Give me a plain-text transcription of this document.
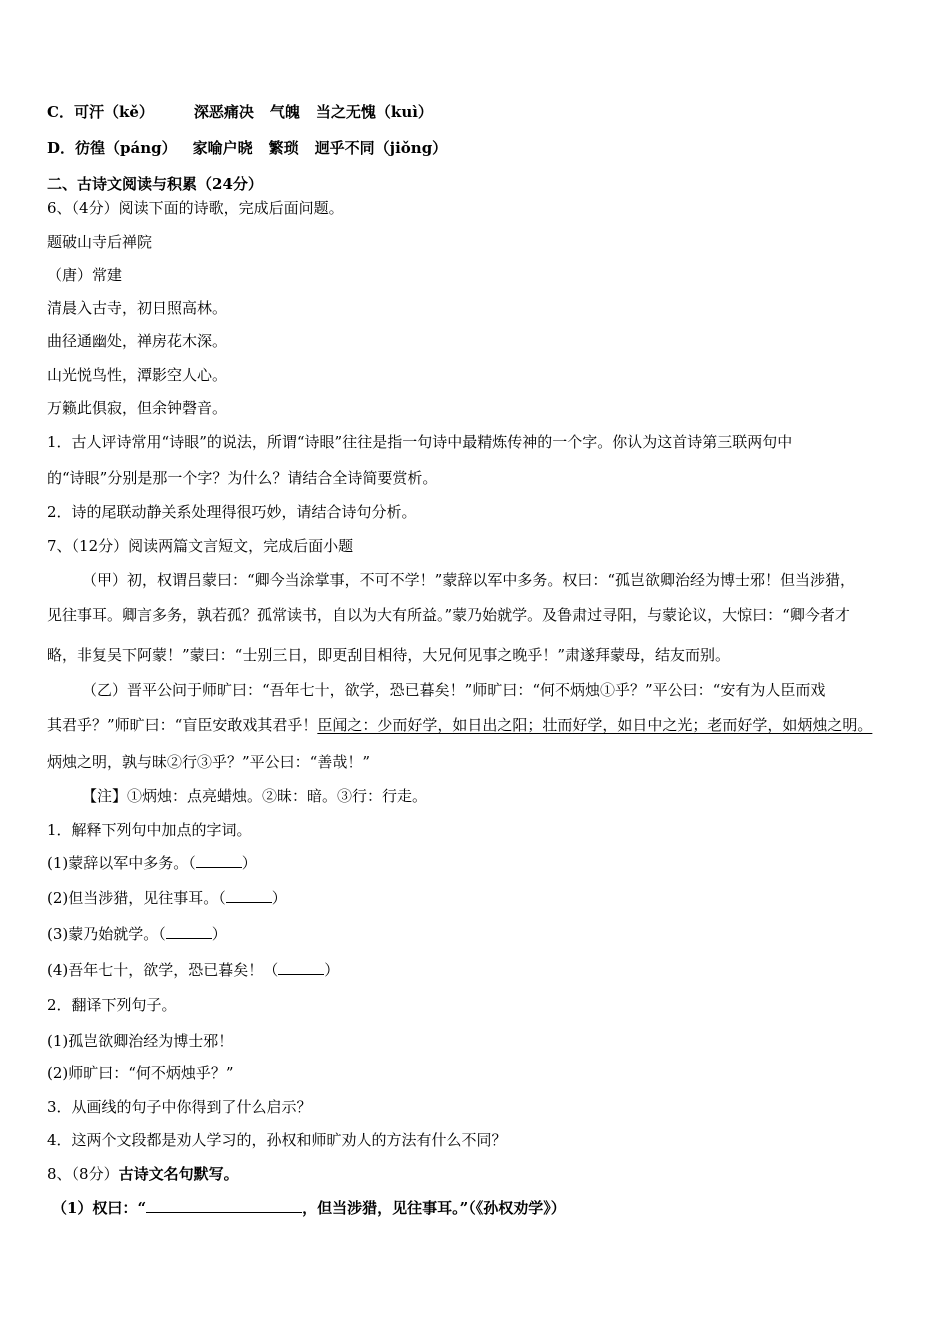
C．可汗（kě）	深恶痛决 气魄 当之无愧（kuì）
D．彷徨（páng） 家喻户晓 繁琐 迥乎不同（jiǒng）
二、古诗文阅读与积累（24分）
6、（4分）阅读下面的诗歌，完成后面问题。
题破山寺后禅院
（唐）常建
清晨入古寺，初日照高林。
曲径通幽处，禅房花木深。
山光悦鸟性，潭影空人心。
万籁此俱寂，但余钟磬音。
1．古人评诗常用“诗眼”的说法，所谓“诗眼”往往是指一句诗中最精炼传神的一个字。你认为这首诗第三联两句中
的“诗眼”分别是那一个字？为什么？请结合全诗简要赏析。
2．诗的尾联动静关系处理得很巧妙，请结合诗句分析。
7、（12分）阅读两篇文言短文，完成后面小题
（甲）初，权谓吕蒙曰：“卿今当涂掌事，不可不学！”蒙辞以军中多务。权曰：“孤岂欲卿治经为博士邪！但当涉猎，
见往事耳。卿言多务，孰若孤？孤常读书，自以为大有所益。”蒙乃始就学。及鲁肃过寻阳，与蒙论议，大惊曰：“卿今者才
略，非复吴下阿蒙！”蒙曰：“士别三日，即更刮目相待，大兄何见事之晚乎！”肃遂拜蒙母，结友而别。
（乙）晋平公问于师旷曰：“吾年七十，欲学，恐已暮矣！”师旷曰：“何不炳烛①乎？”平公曰：“安有为人臣而戏
其君乎？”师旷曰：“盲臣安敢戏其君乎！臣闻之：少而好学，如日出之阳；壮而好学，如日中之光；老而好学，如炳烛之明。
炳烛之明，孰与昧②行③乎？”平公曰：“善哉！”
【注】①炳烛：点亮蜡烛。②昧：暗。③行：行走。
1．解释下列句中加点的字词。
(1)蒙辞以军中多务。（	）
(2)但当涉猎，见往事耳。（	）
(3)蒙乃始就学。（	）
(4)吾年七十，欲学，恐已暮矣！（	）
2．翻译下列句子。
(1)孤岂欲卿治经为博士邪！
(2)师旷曰：“何不炳烛乎？”
3．从画线的句子中你得到了什么启示？
4．这两个文段都是劝人学习的，孙权和师旷劝人的方法有什么不同？
8、（8分）古诗文名句默写。
（1）权曰：“	，但当涉猎，见往事耳。”（《孙权劝学》）
